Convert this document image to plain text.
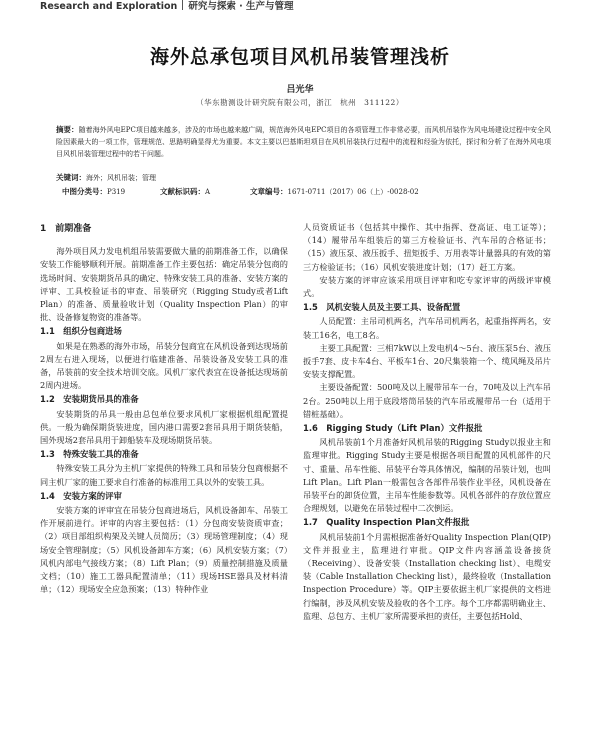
Research and Exploration 研究与探索 · 生产与管理
海外总承包项目风机吊装管理浅析
吕光华
（华东勘测设计研究院有限公司，浙江　杭州　311122）
摘要：随着海外风电EPC项目越来越多，涉及的市场也越来越广阔，规范海外风电EPC项目的各项管理工作非常必要，而风机吊装作为风电场建设过程中安全风险因素最大的一项工作，管理规范、思路明确显得尤为重要。本文主要以巴基斯坦项目在风机吊装执行过程中的流程和经验为依托，探讨和分析了在海外风电项目风机吊装管理过程中的若干问题。
关键词：海外；风机吊装；管理
中图分类号：P319	文献标识码：A	文章编号：1671-0711（2017）06（上）-0028-02
1　前期准备

海外项目风力发电机组吊装需要做大量的前期准备工作，以确保安装工作能够顺利开展。前期准备工作主要包括：确定吊装分包商的选场时间、安装期货吊具的确定、特殊安装工具的准备、安装方案的评审、工具校验证书的审查、吊装研究（Rigging Study或者Lift Plan）的准备、质量验收计划（Quality Inspection Plan）的审批、设备修复物资的准备等。

1.1　组织分包商进场

如果是在熟悉的海外市场，吊装分包商宜在风机设备到达现场前2周左右进入现场，以便进行临建准备、吊装设备及安装工具的准备，吊装前的安全技术培训交底。风机厂家代表宜在设备抵达现场前2周内进场。

1.2　安装期货吊具的准备

安装期货的吊具一般由总包单位要求风机厂家根据机组配置提供。一般为确保期货装进度，国内港口需要2套吊具用于期货装船，国外现场2套吊具用于卸船装车及现场期货吊装。

1.3　特殊安装工具的准备

特殊安装工具分为主机厂家提供的特殊工具和吊装分包商根据不同主机厂家的施工要求自行准备的标准用工具以外的安装工具。

1.4　安装方案的评审

安装方案的评审宜在吊装分包商进场后，风机设备卸车、吊装工作开展前进行。评审的内容主要包括：（1）分包商安装资质审查；（2）项目部组织构架及关键人员简历；（3）现场管理制度；（4）现场安全管理制度；（5）风机设备卸车方案；（6）风机安装方案；（7）风机内部电气接线方案；（8）Lift Plan；（9）质量控制措施及质量文档；（10）施工工器具配置清单；（11）现场HSE器具及材料清单；（12）现场安全应急预案；（13）特种作业

人员资质证书（包括其中操作、其中指挥、登高证、电工证等）；（14）履带吊车组装后的第三方检验证书、汽车吊的合格证书；（15）液压泵、液压扳手、扭矩扳手、万用表等计量器具的有效的第三方检验证书；（16）风机安装进度计划；（17）赶工方案。

安装方案的评审应该采用项目评审和吃专家评审的两级评审模式。

1.5　风机安装人员及主要工具、设备配置

人员配置：主吊司机两名，汽车吊司机两名，起重指挥两名，安装工16名，电工8名。

主要工具配置：三相7kW以上发电机4～5台、液压泵5台、液压扳手7套、皮卡车4台、平板车1台、20尺集装箱一个、缆风绳及吊片安装支撑配置。

主要设备配置：500吨及以上履带吊车一台，70吨及以上汽车吊2台。250吨以上用于底段塔筒吊装的汽车吊或履带吊一台（适用于错桩基础）。

1.6　Rigging Study（Lift Plan）文件报批

风机吊装前1个月准备好风机吊装的Rigging Study以报业主和监理审批。Rigging Study主要是根据各项目配置的风机部件的尺寸、重量、吊车性能、吊装平台等具体情况，编制的吊装计划，也叫Lift Plan。Lift Plan一般需包含各部件吊装作业半径，风机设备在吊装平台的卸货位置，主吊车性能参数等。风机各部件的存放位置应合理规划，以避免在吊装过程中二次倒运。

1.7　Quality Inspection Plan文件报批

风机吊装前1个月需根据准备好Quality Inspection Plan(QIP)文件并报业主，监理进行审批。QIP文件内容涵盖设备接货（Receiving）、设备安装（Installation checking list）、电缆安装（Cable Installation Checking list），最终验收（Installation Inspection Procedure）等。QIP主要依据主机厂家提供的文档进行编制，涉及风机安装及验收的各个工序。每个工序都需明确业主、监理、总包方、主机厂家所需要承担的责任，主要包括Hold、
